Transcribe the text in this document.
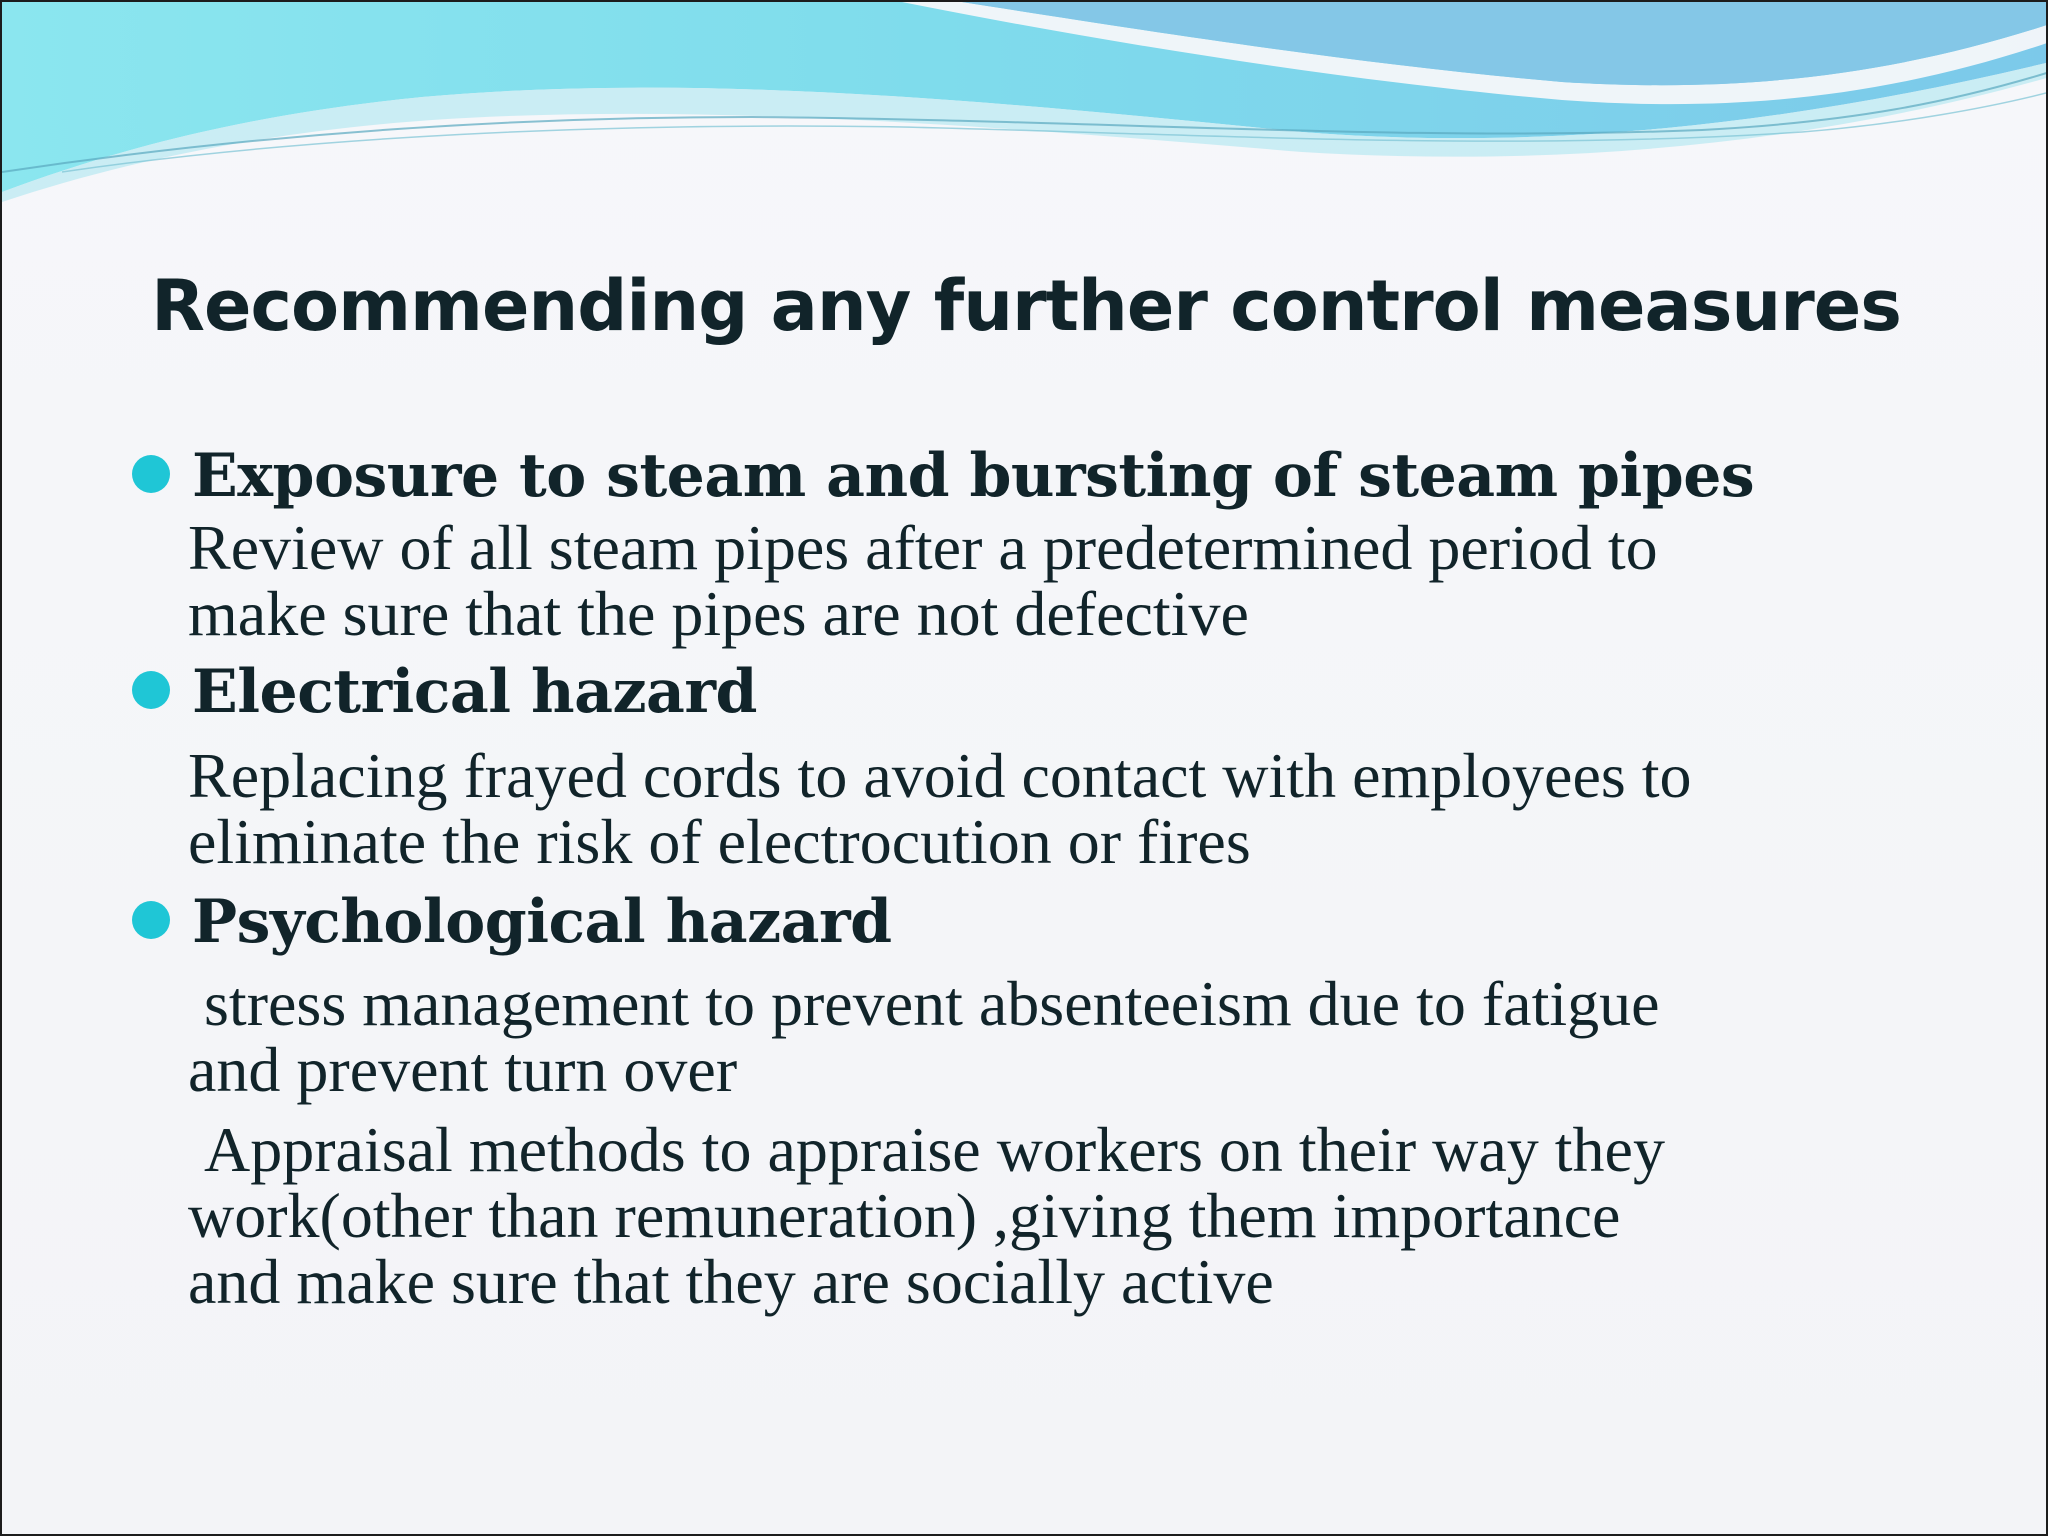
Recommending any further control measures
Exposure to steam and bursting of steam pipes
Review of all steam pipes after a predetermined period to
make sure that the pipes are not defective
Electrical hazard
Replacing frayed cords to avoid contact with employees to
eliminate the risk of electrocution or fires
Psychological hazard
stress management to prevent absenteeism due to fatigue
and prevent turn over
Appraisal methods to appraise workers on their way they
work(other than remuneration) ,giving them importance
and make sure that they are socially active
